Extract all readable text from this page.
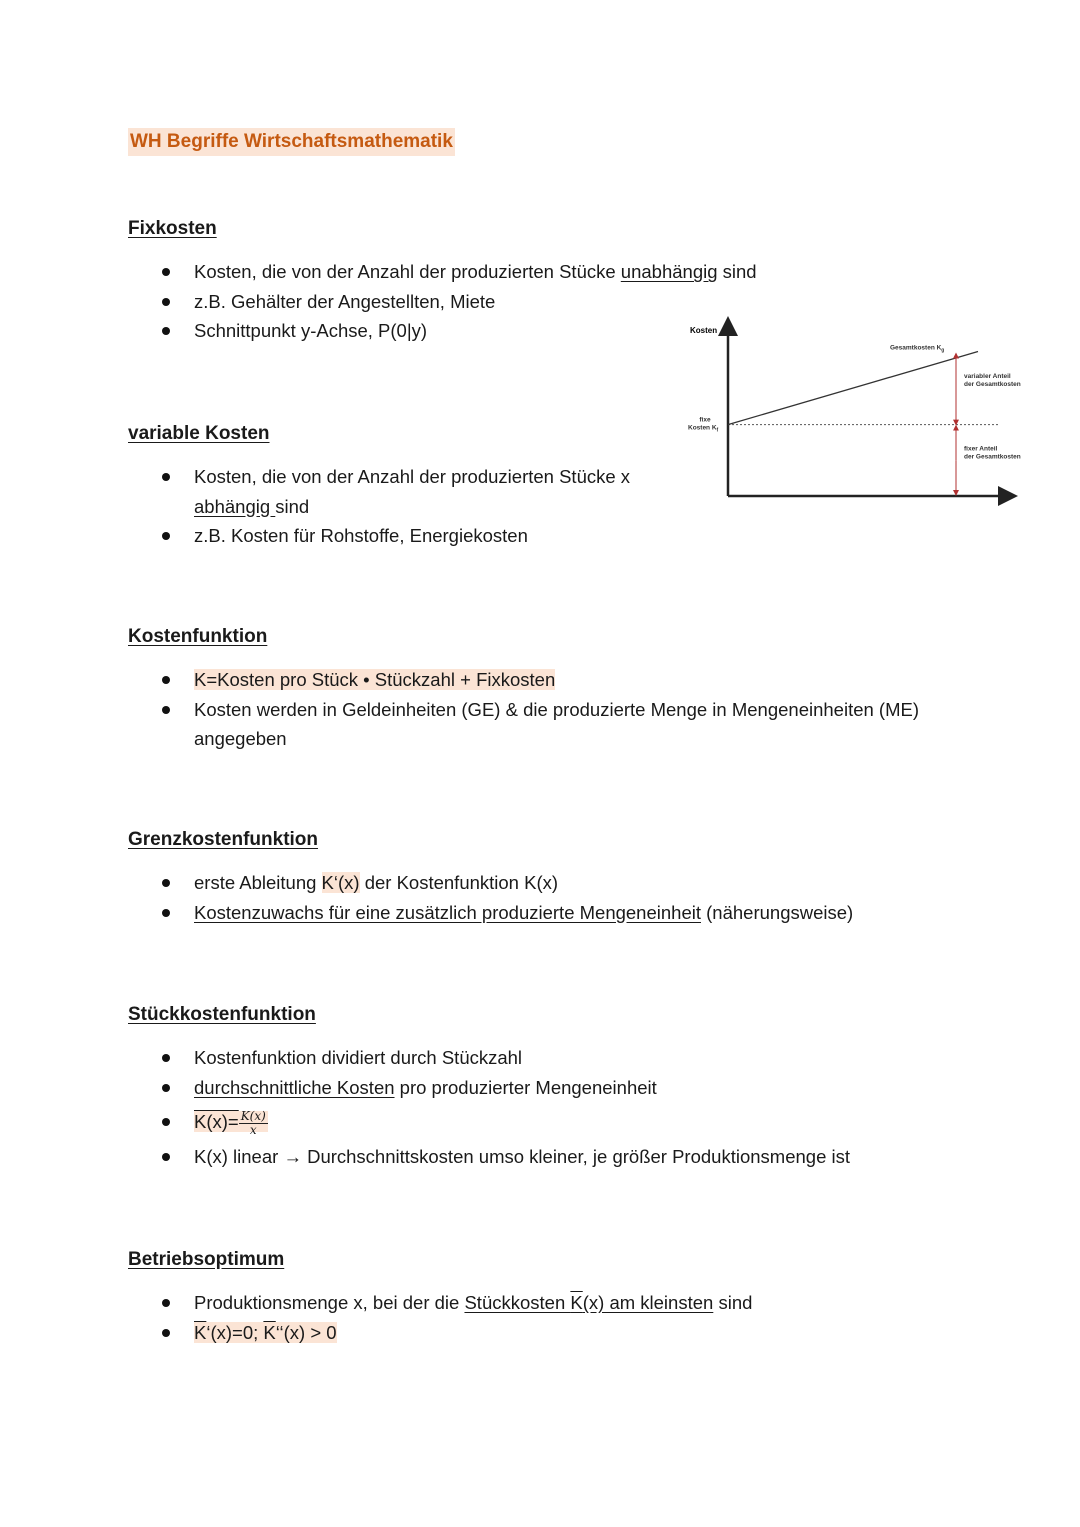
WH Begriffe Wirtschaftsmathematik
Fixkosten
Kosten, die von der Anzahl der produzierten Stücke unabhängig sind
z.B. Gehälter der Angestellten, Miete
Schnittpunkt y-Achse, P(0|y)
variable Kosten
Kosten, die von der Anzahl der produzierten Stücke x
abhängig sind
z.B. Kosten für Rohstoffe, Energiekosten
Kosten
Gesamtkosten $K_g$
fixe
Kosten $K_f$
variabler Anteil
der Gesamtkosten
fixer Anteil
der Gesamtkosten
Kostenfunktion
K=Kosten pro Stück • Stückzahl + Fixkosten
Kosten werden in Geldeinheiten (GE) & die produzierte Menge in Mengeneinheiten (ME) angegeben
Grenzkostenfunktion
erste Ableitung K‘(x) der Kostenfunktion K(x)
Kostenzuwachs für eine zusätzlich produzierte Mengeneinheit (näherungsweise)
Stückkostenfunktion
Kostenfunktion dividiert durch Stückzahl
durchschnittliche Kosten pro produzierter Mengeneinheit
$K(x)= \frac{K(x)}{x}$
K(x) linear → Durchschnittskosten umso kleiner, je größer Produktionsmenge ist
Betriebsoptimum
Produktionsmenge x, bei der die Stückkosten K(x) am kleinsten sind
$\overline{K}‘(x)=0$; $\overline{K}‘‘(x) > 0$
